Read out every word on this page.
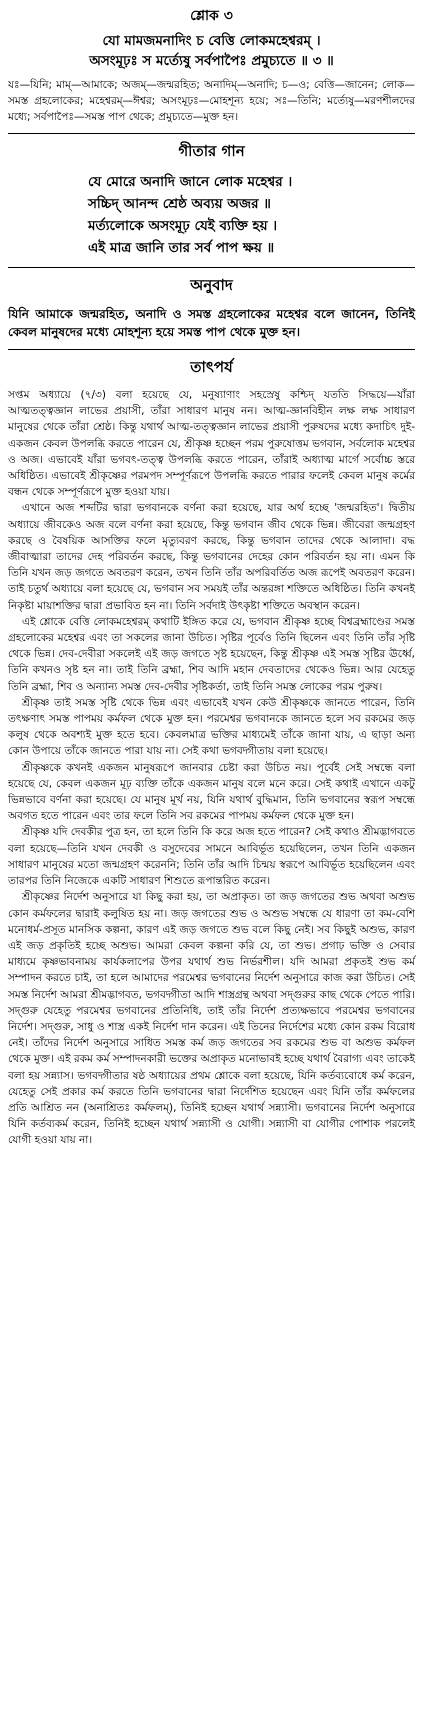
শ্লোক ৩
যো মামজমনাদিং চ বেত্তি লোকমহেশ্বরম্ ।
অসংমূঢ়ঃ স মর্ত্যেষু সর্বপাপৈঃ প্রমুচ্যতে ॥ ৩ ॥
যঃ—যিনি; মাম্—আমাকে; অজম্—জন্মরহিত; অনাদিম্—অনাদি; চ—ও; বেত্তি—জানেন; লোক—সমস্ত গ্রহলোকের; মহেশ্বরম্—ঈশ্বর; অসংমূঢ়ঃ—মোহশূন্য হয়ে; সঃ—তিনি; মর্ত্যেষু—মরণশীলদের মধ্যে; সর্বপাপৈঃ—সমস্ত পাপ থেকে; প্রমুচ্যতে—মুক্ত হন।
গীতার গান
যে মোরে অনাদি জানে লোক মহেশ্বর ।
সচ্চিদ্ আনন্দ শ্রেষ্ঠ অব্যয় অজর ॥
মর্ত্যলোকে অসংমূঢ় যেই ব্যক্তি হয় ।
এই মাত্র জানি তার সর্ব পাপ ক্ষয় ॥
অনুবাদ
যিনি আমাকে জন্মরহিত, অনাদি ও সমস্ত গ্রহলোকের মহেশ্বর বলে জানেন, তিনিই কেবল মানুষদের মধ্যে মোহশূন্য হয়ে সমস্ত পাপ থেকে মুক্ত হন।
তাৎপর্য

সপ্তম অধ্যায়ে (৭/৩) বলা হয়েছে যে, মনুষ্যাণাং সহস্রেষু কশ্চিদ্ যততি সিদ্ধয়ে—যাঁরা আত্মতত্ত্বজ্ঞান লাভের প্রয়াসী, তাঁরা সাধারণ মানুষ নন। আত্ম-জ্ঞানবিহীন লক্ষ লক্ষ সাধারণ মানুষের থেকে তাঁরা শ্রেষ্ঠ। কিন্তু যথার্থ আত্ম-তত্ত্বজ্ঞান লাভের প্রয়াসী পুরুষদের মধ্যে কদাচিৎ দুই-একজন কেবল উপলব্ধি করতে পারেন যে, শ্রীকৃষ্ণ হচ্ছেন পরম পুরুষোত্তম ভগবান, সর্বলোক মহেশ্বর ও অজ। এভাবেই যাঁরা ভগবৎ-তত্ত্ব উপলব্ধি করতে পারেন, তাঁরাই অধ্যাত্ম মার্গে সর্বোচ্চ স্তরে অধিষ্ঠিত। এভাবেই শ্রীকৃষ্ণের পরমপদ সম্পূর্ণরূপে উপলব্ধি করতে পারার ফলেই কেবল মানুষ কর্মের বন্ধন থেকে সম্পূর্ণরূপে মুক্ত হওয়া যায়।

এখানে অজ শব্দটির দ্বারা ভগবানকে বর্ণনা করা হয়েছে, যার অর্থ হচ্ছে 'জন্মরহিত'। দ্বিতীয় অধ্যায়ে জীবকেও অজ বলে বর্ণনা করা হয়েছে, কিন্তু ভগবান জীব থেকে ভিন্ন। জীবেরা জন্মগ্রহণ করছে ও বৈষয়িক আসক্তির ফলে মৃত্যুবরণ করছে, কিন্তু ভগবান তাদের থেকে আলাদা। বদ্ধ জীবাত্মারা তাদের দেহ পরিবর্তন করছে, কিন্তু ভগবানের দেহের কোন পরিবর্তন হয় না। এমন কি তিনি যখন জড় জগতে অবতরণ করেন, তখন তিনি তাঁর অপরিবর্তিত অজ রূপেই অবতরণ করেন। তাই চতুর্থ অধ্যায়ে বলা হয়েছে যে, ভগবান সব সময়ই তাঁর অন্তরঙ্গা শক্তিতে অধিষ্ঠিত। তিনি কখনই নিকৃষ্টা মায়াশক্তির দ্বারা প্রভাবিত হন না। তিনি সর্বদাই উৎকৃষ্টা শক্তিতে অবস্থান করেন।

এই শ্লোকে বেত্তি লোকমহেশ্বরম্ কথাটি ইঙ্গিত করে যে, ভগবান শ্রীকৃষ্ণ হচ্ছে বিশ্বব্রহ্মাণ্ডের সমস্ত গ্রহলোকের মহেশ্বর এবং তা সকলের জানা উচিত। সৃষ্টির পূর্বেও তিনি ছিলেন এবং তিনি তাঁর সৃষ্টি থেকে ভিন্ন। দেব-দেবীরা সকলেই এই জড় জগতে সৃষ্ট হয়েছেন, কিন্তু শ্রীকৃষ্ণ এই সমস্ত সৃষ্টির ঊর্ধ্বে, তিনি কখনও সৃষ্ট হন না। তাই তিনি ব্রহ্মা, শিব আদি মহান দেবতাদের থেকেও ভিন্ন। আর যেহেতু তিনি ব্রহ্মা, শিব ও অন্যান্য সমস্ত দেব-দেবীর সৃষ্টিকর্তা, তাই তিনি সমস্ত লোকের পরম পুরুষ।

শ্রীকৃষ্ণ তাই সমস্ত সৃষ্টি থেকে ভিন্ন এবং এভাবেই যখন কেউ শ্রীকৃষ্ণকে জানতে পারেন, তিনি তৎক্ষণাৎ সমস্ত পাপময় কর্মফল থেকে মুক্ত হন। পরমেশ্বর ভগবানকে জানতে হলে সব রকমের জড় কলুষ থেকে অবশ্যই মুক্ত হতে হবে। কেবলমাত্র ভক্তির মাধ্যমেই তাঁকে জানা যায়, এ ছাড়া অন্য কোন উপায়ে তাঁকে জানতে পারা যায় না। সেই কথা ভগবদ্গীতায় বলা হয়েছে।

শ্রীকৃষ্ণকে কখনই একজন মানুষরূপে জানবার চেষ্টা করা উচিত নয়। পূর্বেই সেই সম্বন্ধে বলা হয়েছে যে, কেবল একজন মূঢ় ব্যক্তি তাঁকে একজন মানুষ বলে মনে করে। সেই কথাই এখানে একটু ভিন্নভাবে বর্ণনা করা হয়েছে। যে মানুষ মূর্খ নয়, যিনি যথার্থ বুদ্ধিমান, তিনি ভগবানের স্বরূপ সম্বন্ধে অবগত হতে পারেন এবং তার ফলে তিনি সব রকমের পাপময় কর্মফল থেকে মুক্ত হন।

শ্রীকৃষ্ণ যদি দেবকীর পুত্র হন, তা হলে তিনি কি করে অজ হতে পারেন? সেই কথাও শ্রীমদ্ভাগবতে বলা হয়েছে—তিনি যখন দেবকী ও বসুদেবের সামনে আবির্ভূত হয়েছিলেন, তখন তিনি একজন সাধারণ মানুষের মতো জন্মগ্রহণ করেননি; তিনি তাঁর আদি চিন্ময় স্বরূপে আবির্ভূত হয়েছিলেন এবং তারপর তিনি নিজেকে একটি সাধারণ শিশুতে রূপান্তরিত করেন।

শ্রীকৃষ্ণের নির্দেশ অনুসারে যা কিছু করা হয়, তা অপ্রাকৃত। তা জড় জগতের শুভ অথবা অশুভ কোন কর্মফলের দ্বারাই কলুষিত হয় না। জড় জগতের শুভ ও অশুভ সম্বন্ধে যে ধারণা তা কম-বেশি মনোধর্ম-প্রসূত মানসিক কল্পনা, কারণ এই জড় জগতে শুভ বলে কিছু নেই। সব কিছুই অশুভ, কারণ এই জড় প্রকৃতিই হচ্ছে অশুভ। আমরা কেবল কল্পনা করি যে, তা শুভ। প্রগাঢ় ভক্তি ও সেবার মাধ্যমে কৃষ্ণভাবনাময় কার্যকলাপের উপর যথার্থ শুভ নির্ভরশীল। যদি আমরা প্রকৃতই শুভ কর্ম সম্পাদন করতে চাই, তা হলে আমাদের পরমেশ্বর ভগবানের নির্দেশ অনুসারে কাজ করা উচিত। সেই সমস্ত নির্দেশ আমরা শ্রীমদ্ভাগবত, ভগবদ্গীতা আদি শাস্ত্রগ্রন্থ অথবা সদ্গুরুর কাছ থেকে পেতে পারি। সদ্গুরু যেহেতু পরমেশ্বর ভগবানের প্রতিনিধি, তাই তাঁর নির্দেশ প্রত্যক্ষভাবে পরমেশ্বর ভগবানের নির্দেশ। সদ্গুরু, সাধু ও শাস্ত্র একই নির্দেশ দান করেন। এই তিনের নির্দেশের মধ্যে কোন রকম বিরোধ নেই। তাঁদের নির্দেশ অনুসারে সাধিত সমস্ত কর্ম জড় জগতের সব রকমের শুভ বা অশুভ কর্মফল থেকে মুক্ত। এই রকম কর্ম সম্পাদনকারী ভক্তের অপ্রাকৃত মনোভাবই হচ্ছে যথার্থ বৈরাগ্য এবং তাকেই বলা হয় সন্ন্যাস। ভগবদ্গীতার ষষ্ঠ অধ্যায়ের প্রথম শ্লোকে বলা হয়েছে, যিনি কর্তব্যবোধে কর্ম করেন, যেহেতু সেই প্রকার কর্ম করতে তিনি ভগবানের দ্বারা নির্দেশিত হয়েছেন এবং যিনি তাঁর কর্মফলের প্রতি আশ্রিত নন (অনাশ্রিতঃ কর্মফলম্), তিনিই হচ্ছেন যথার্থ সন্ন্যাসী। ভগবানের নির্দেশ অনুসারে যিনি কর্তব্যকর্ম করেন, তিনিই হচ্ছেন যথার্থ সন্ন্যাসী ও যোগী। সন্ন্যাসী বা যোগীর পোশাক পরলেই যোগী হওয়া যায় না।
